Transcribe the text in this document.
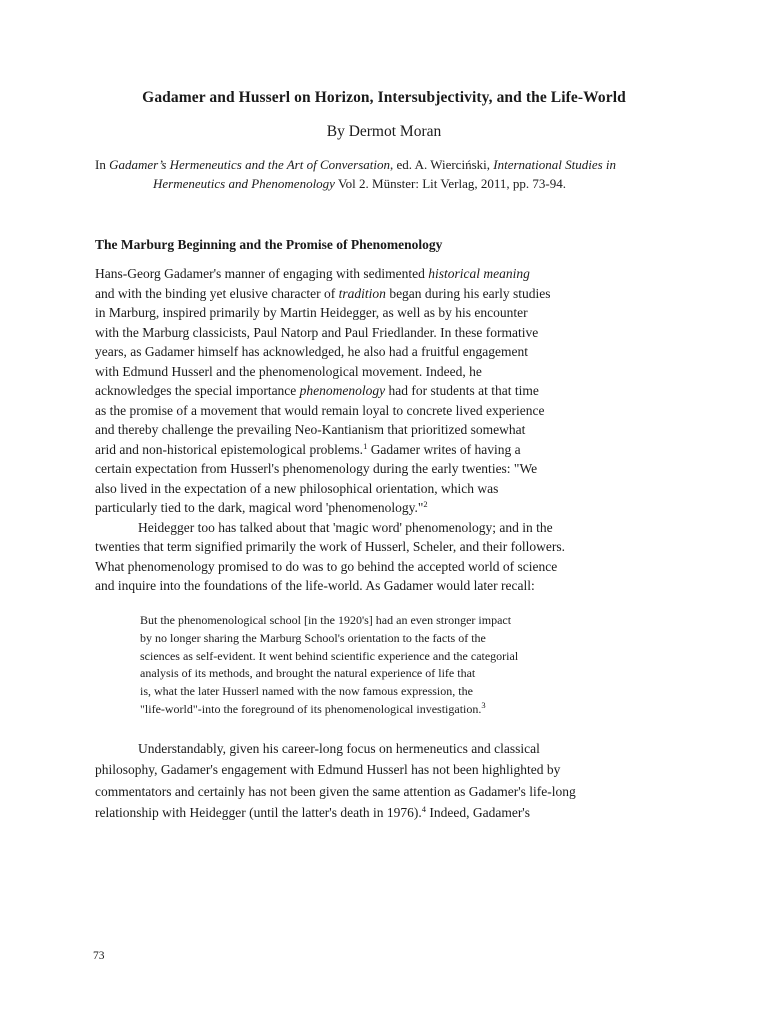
Gadamer and Husserl on Horizon, Intersubjectivity, and the Life-World
By Dermot Moran
In Gadamer’s Hermeneutics and the Art of Conversation, ed. A. Wierciński, International Studies in
Hermeneutics and Phenomenology Vol 2. Münster: Lit Verlag, 2011, pp. 73-94.
The Marburg Beginning and the Promise of Phenomenology
Hans-Georg Gadamer's manner of engaging with sedimented historical meaning
and with the binding yet elusive character of tradition began during his early studies
in Marburg, inspired primarily by Martin Heidegger, as well as by his encounter
with the Marburg classicists, Paul Natorp and Paul Friedlander. In these formative
years, as Gadamer himself has acknowledged, he also had a fruitful engagement
with Edmund Husserl and the phenomenological movement. Indeed, he
acknowledges the special importance phenomenology had for students at that time
as the promise of a movement that would remain loyal to concrete lived experience
and thereby challenge the prevailing Neo-Kantianism that prioritized somewhat
arid and non-historical epistemological problems.$^1$ Gadamer writes of having a
certain expectation from Husserl's phenomenology during the early twenties: "We
also lived in the expectation of a new philosophical orientation, which was
particularly tied to the dark, magical word 'phenomenology."$^2$
Heidegger too has talked about that 'magic word' phenomenology; and in the
twenties that term signified primarily the work of Husserl, Scheler, and their followers.
What phenomenology promised to do was to go behind the accepted world of science
and inquire into the foundations of the life-world. As Gadamer would later recall:
But the phenomenological school [in the 1920's] had an even stronger impact
by no longer sharing the Marburg School's orientation to the facts of the
sciences as self-evident. It went behind scientific experience and the categorial
analysis of its methods, and brought the natural experience of life that
is, what the later Husserl named with the now famous expression, the
"life-world"-into the foreground of its phenomenological investigation.$^3$
Understandably, given his career-long focus on hermeneutics and classical
philosophy, Gadamer's engagement with Edmund Husserl has not been highlighted by
commentators and certainly has not been given the same attention as Gadamer's life-long
relationship with Heidegger (until the latter's death in 1976).$^4$ Indeed, Gadamer's
73
